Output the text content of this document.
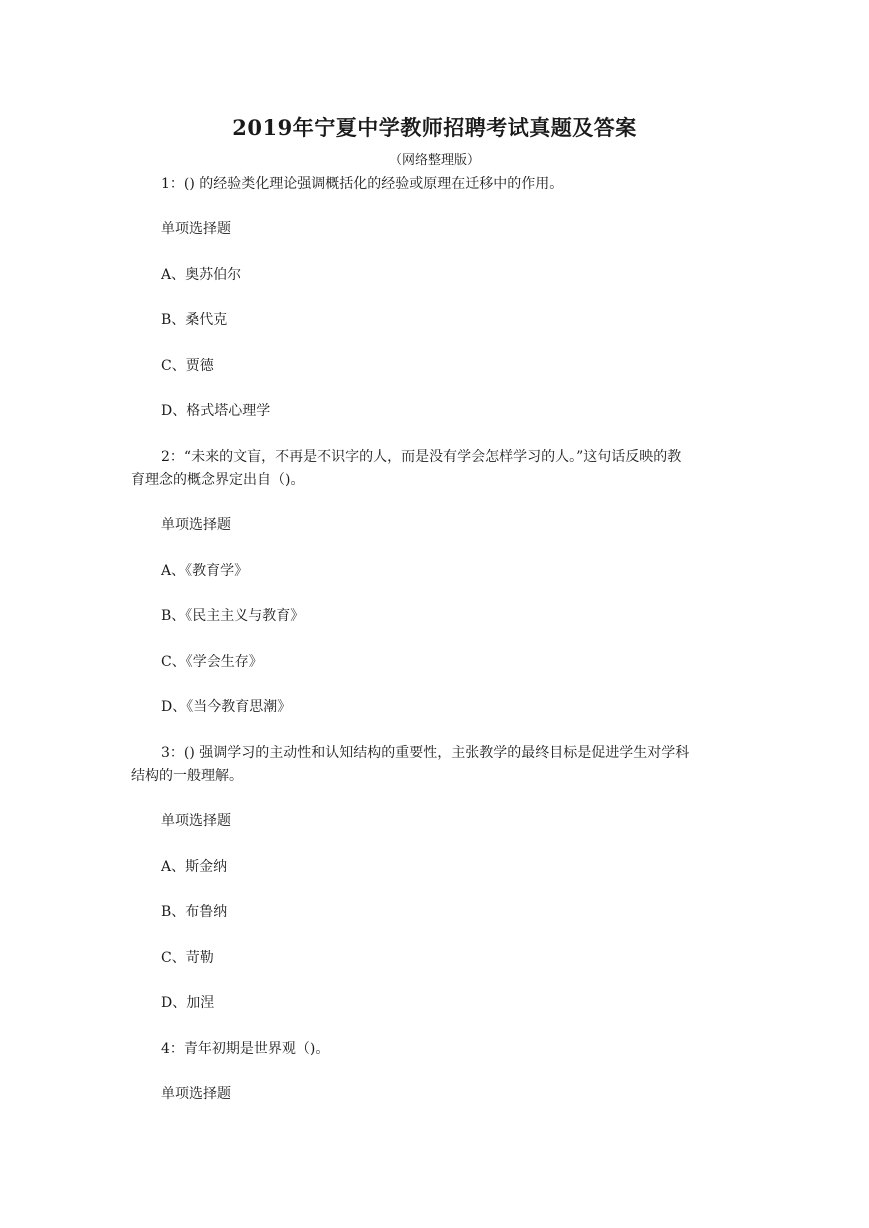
2019年宁夏中学教师招聘考试真题及答案
（网络整理版）
1：() 的经验类化理论强调概括化的经验或原理在迁移中的作用。
单项选择题
A、奥苏伯尔
B、桑代克
C、贾德
D、格式塔心理学
2：“未来的文盲，不再是不识字的人，而是没有学会怎样学习的人。”这句话反映的教
育理念的概念界定出自（)。
单项选择题
A、《教育学》
B、《民主主义与教育》
C、《学会生存》
D、《当今教育思潮》
3：() 强调学习的主动性和认知结构的重要性，主张教学的最终目标是促进学生对学科
结构的一般理解。
单项选择题
A、斯金纳
B、布鲁纳
C、苛勒
D、加涅
4：青年初期是世界观（)。
单项选择题
